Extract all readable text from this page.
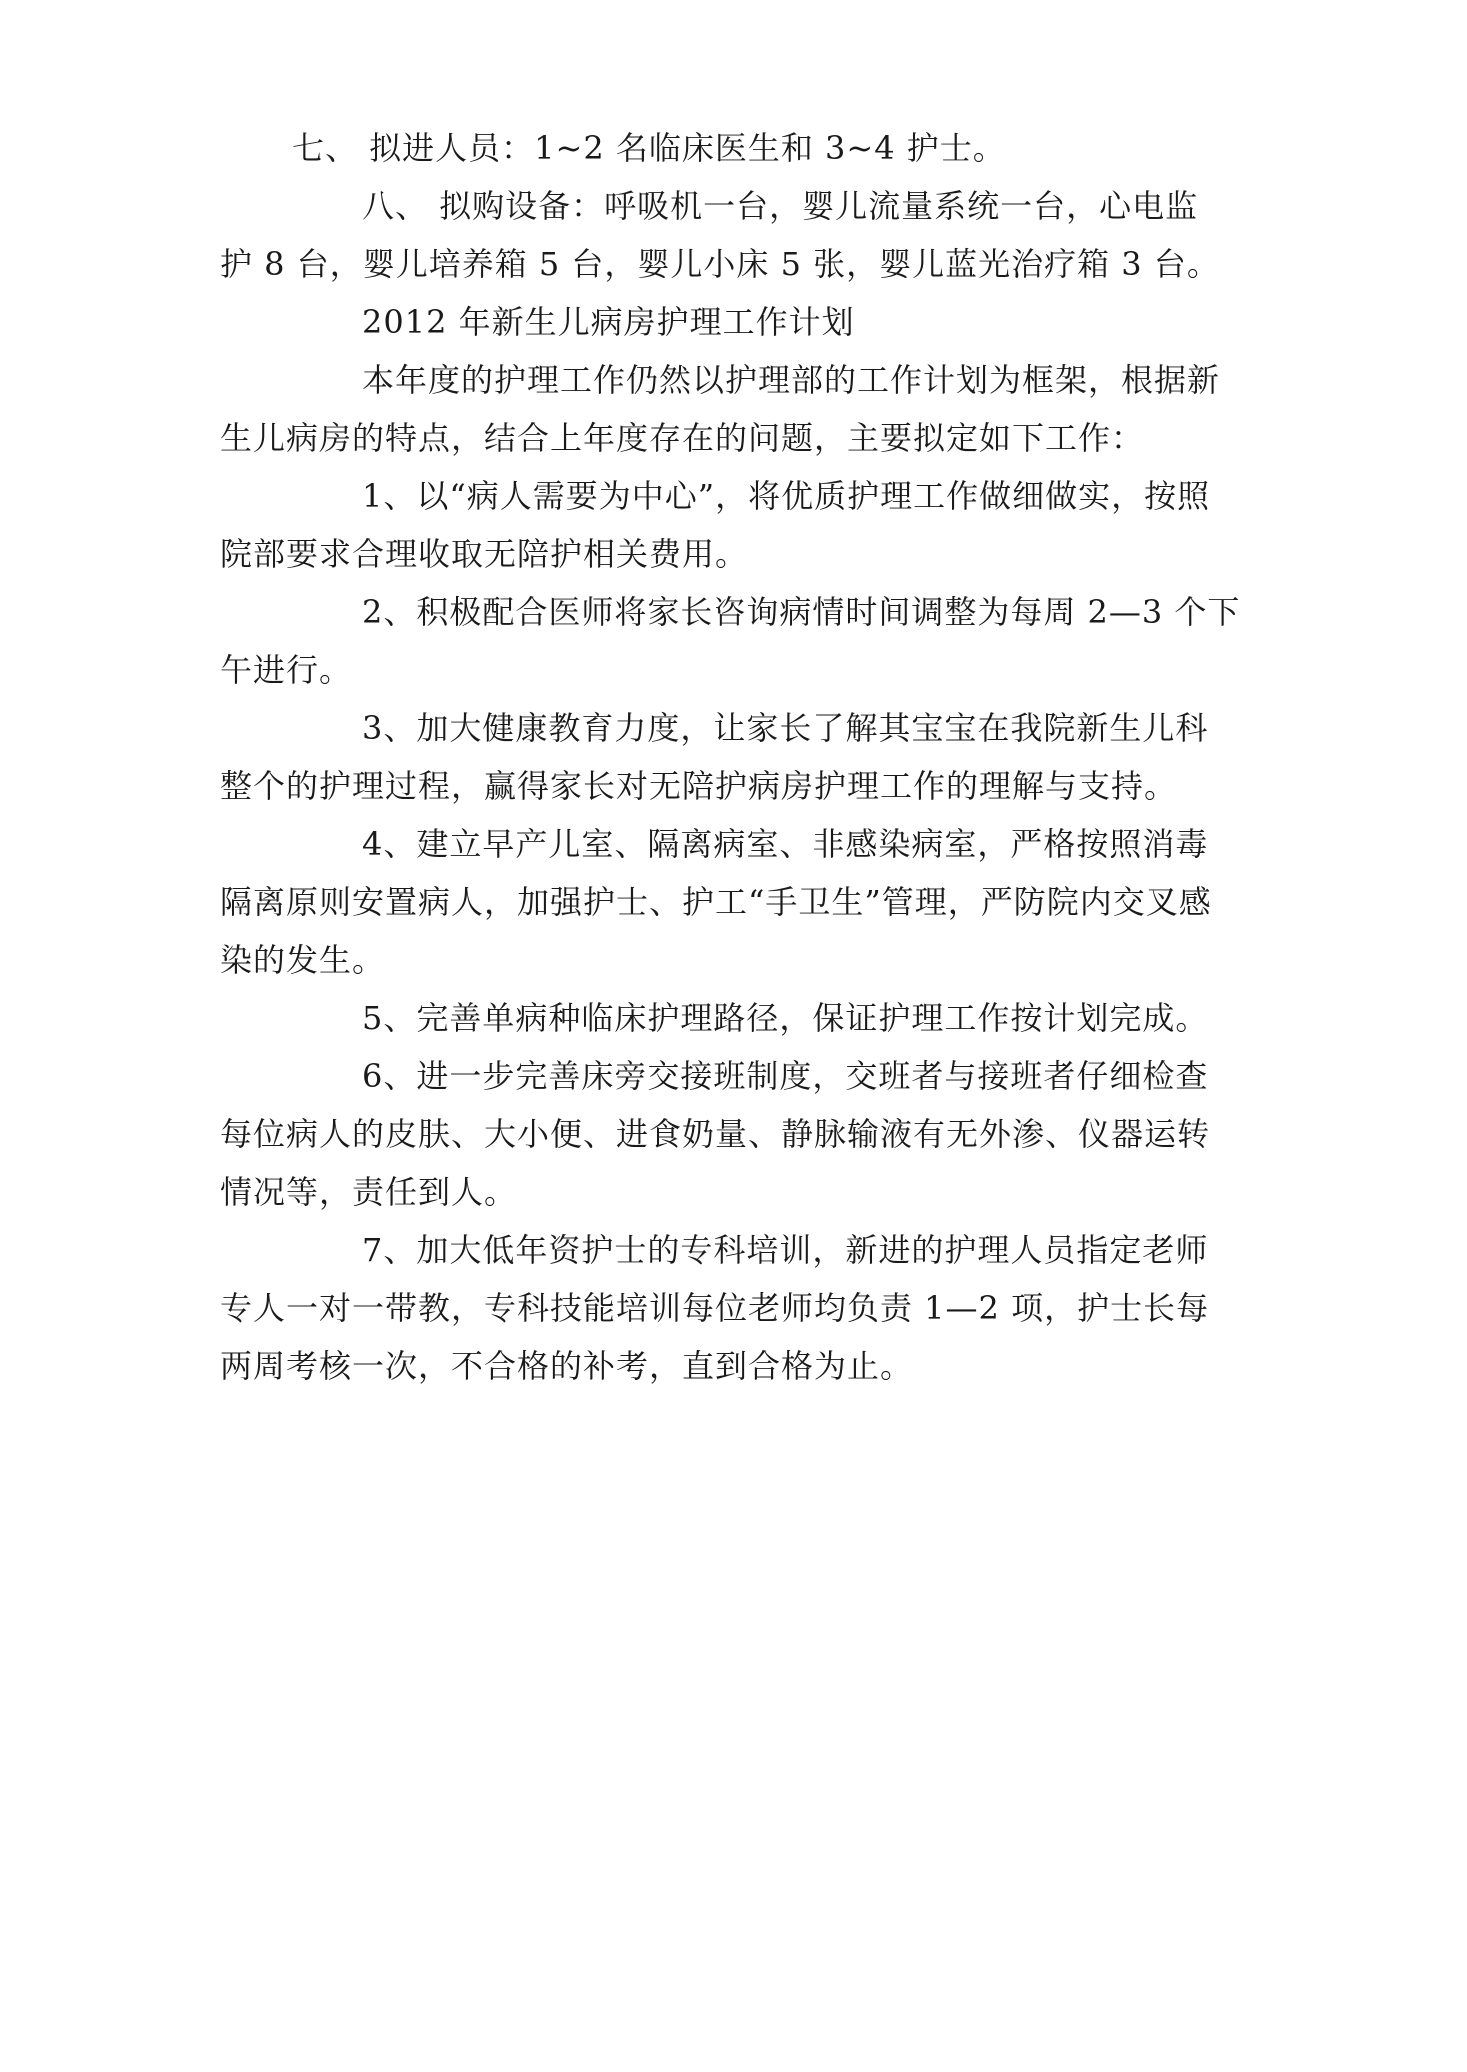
七、 拟进人员：1~2 名临床医生和 3~4 护士。
八、 拟购设备：呼吸机一台，婴儿流量系统一台，心电监
护 8 台，婴儿培养箱 5 台，婴儿小床 5 张，婴儿蓝光治疗箱 3 台。
2012 年新生儿病房护理工作计划
本年度的护理工作仍然以护理部的工作计划为框架，根据新
生儿病房的特点，结合上年度存在的问题，主要拟定如下工作：
1、以“病人需要为中心”，将优质护理工作做细做实，按照
院部要求合理收取无陪护相关费用。
2、积极配合医师将家长咨询病情时间调整为每周 2—3 个下
午进行。
3、加大健康教育力度，让家长了解其宝宝在我院新生儿科
整个的护理过程，赢得家长对无陪护病房护理工作的理解与支持。
4、建立早产儿室、隔离病室、非感染病室，严格按照消毒
隔离原则安置病人，加强护士、护工“手卫生”管理，严防院内交叉感
染的发生。
5、完善单病种临床护理路径，保证护理工作按计划完成。
6、进一步完善床旁交接班制度，交班者与接班者仔细检查
每位病人的皮肤、大小便、进食奶量、静脉输液有无外渗、仪器运转
情况等，责任到人。
7、加大低年资护士的专科培训，新进的护理人员指定老师
专人一对一带教，专科技能培训每位老师均负责 1—2 项，护士长每
两周考核一次，不合格的补考，直到合格为止。
